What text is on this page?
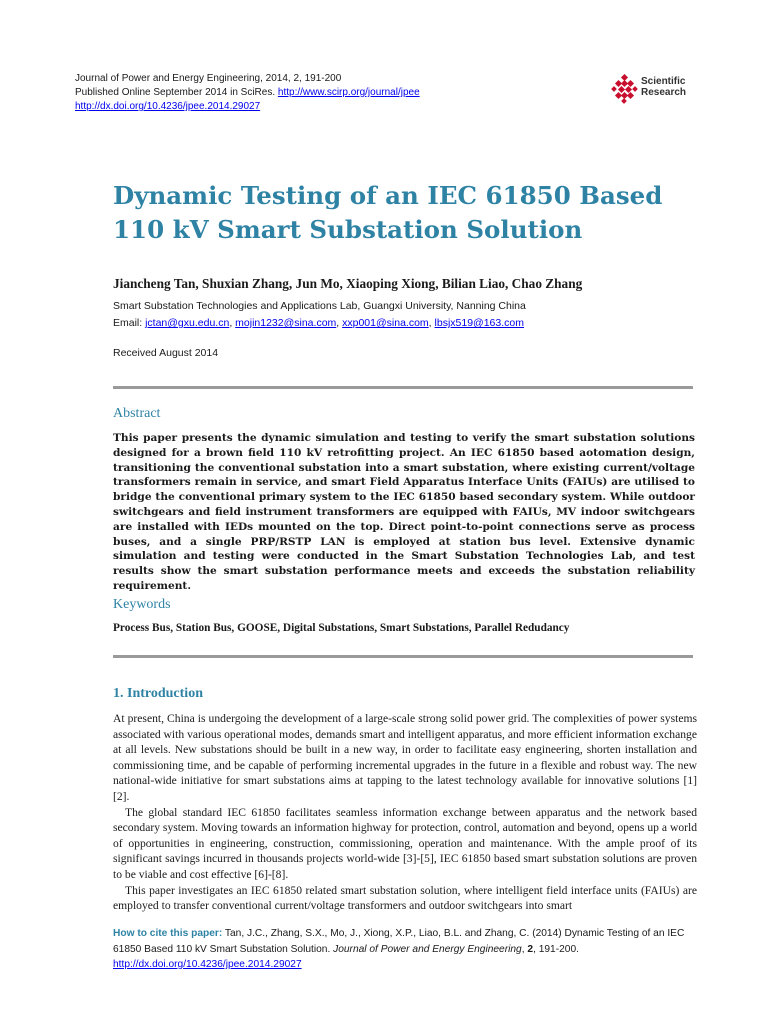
Journal of Power and Energy Engineering, 2014, 2, 191-200
Published Online September 2014 in SciRes. http://www.scirp.org/journal/jpee
http://dx.doi.org/10.4236/jpee.2014.29027
Scientific
Research
Dynamic Testing of an IEC 61850 Based 110 kV Smart Substation Solution
Jiancheng Tan, Shuxian Zhang, Jun Mo, Xiaoping Xiong, Bilian Liao, Chao Zhang
Smart Substation Technologies and Applications Lab, Guangxi University, Nanning China
Email: jctan@gxu.edu.cn, mojin1232@sina.com, xxp001@sina.com, lbsjx519@163.com
Received August 2014
Abstract
This paper presents the dynamic simulation and testing to verify the smart substation solutions designed for a brown field 110 kV retrofitting project. An IEC 61850 based aotomation design, transitioning the conventional substation into a smart substation, where existing current/voltage transformers remain in service, and smart Field Apparatus Interface Units (FAIUs) are utilised to bridge the conventional primary system to the IEC 61850 based secondary system. While outdoor switchgears and field instrument transformers are equipped with FAIUs, MV indoor switchgears are installed with IEDs mounted on the top. Direct point-to-point connections serve as process buses, and a single PRP/RSTP LAN is employed at station bus level. Extensive dynamic simulation and testing were conducted in the Smart Substation Technologies Lab, and test results show the smart substation performance meets and exceeds the substation reliability requirement.
Keywords
Process Bus, Station Bus, GOOSE, Digital Substations, Smart Substations, Parallel Redudancy
1. Introduction

At present, China is undergoing the development of a large-scale strong solid power grid. The complexities of power systems associated with various operational modes, demands smart and intelligent apparatus, and more efficient information exchange at all levels. New substations should be built in a new way, in order to facilitate easy engineering, shorten installation and commissioning time, and be capable of performing incremental upgrades in the future in a flexible and robust way. The new national-wide initiative for smart substations aims at tapping to the latest technology available for innovative solutions [1] [2].

The global standard IEC 61850 facilitates seamless information exchange between apparatus and the network based secondary system. Moving towards an information highway for protection, control, automation and beyond, opens up a world of opportunities in engineering, construction, commissioning, operation and maintenance. With the ample proof of its significant savings incurred in thousands projects world-wide [3]-[5], IEC 61850 based smart substation solutions are proven to be viable and cost effective [6]-[8].

This paper investigates an IEC 61850 related smart substation solution, where intelligent field interface units (FAIUs) are employed to transfer conventional current/voltage transformers and outdoor switchgears into smart

How to cite this paper: Tan, J.C., Zhang, S.X., Mo, J., Xiong, X.P., Liao, B.L. and Zhang, C. (2014) Dynamic Testing of an IEC 61850 Based 110 kV Smart Substation Solution. Journal of Power and Energy Engineering, 2, 191-200.
http://dx.doi.org/10.4236/jpee.2014.29027
